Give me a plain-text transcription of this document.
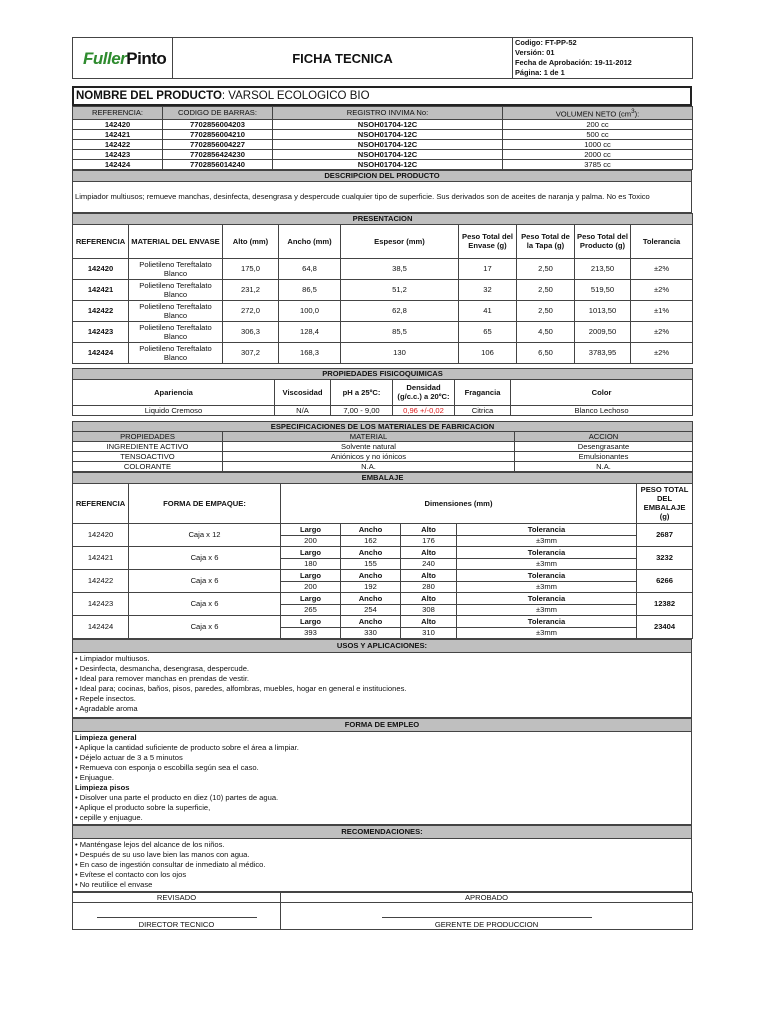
FullerPinto	FICHA TECNICA	
Codigo: FT-PP-52
Versión: 01
Fecha de Aprobación: 19-11-2012
Página: 1 de 1
NOMBRE DEL PRODUCTO: VARSOL ECOLOGICO BIO
REFERENCIA:	CODIGO DE BARRAS:	REGISTRO INVIMA No:	VOLUMEN NETO $(cm^3)$:
142420	7702856004203	NSOH01704-12C	200 cc
142421	7702856004210	NSOH01704-12C	500 cc
142422	7702856004227	NSOH01704-12C	1000 cc
142423	7702856424230	NSOH01704-12C	2000 cc
142424	7702856014240	NSOH01704-12C	3785 cc
DESCRIPCION DEL PRODUCTO
Limpiador multiusos; remueve manchas, desinfecta, desengrasa y despercude cualquier tipo de superficie. Sus derivados son de aceites de naranja y palma. No es Toxico
PRESENTACION								
REFERENCIA	MATERIAL DEL ENVASE	Alto (mm)	Ancho (mm)	Espesor (mm)	Peso Total del Envase (g)	Peso Total de la Tapa (g)	Peso Total del Producto (g)	Tolerancia
142420	Polietileno Tereftalato Blanco	175,0	64,8	38,5	17	2,50	213,50	±2%
142421	Polietileno Tereftalato Blanco	231,2	86,5	51,2	32	2,50	519,50	±2%
142422	Polietileno Tereftalato Blanco	272,0	100,0	62,8	41	2,50	1013,50	±1%
142423	Polietileno Tereftalato Blanco	306,3	128,4	85,5	65	4,50	2009,50	±2%
142424	Polietileno Tereftalato Blanco	307,2	168,3	130	106	6,50	3783,95	±2%
PROPIEDADES FISICOQUIMICAS					
Apariencia	Viscosidad	pH a 25ºC:	Densidad (g/c.c.) a 20ºC:	Fragancia	Color
Liquido Cremoso	N/A	7,00 - 9,00	0,96 +/-0,02	Citrica	Blanco Lechoso
ESPECIFICACIONES DE LOS MATERIALES DE FABRICACION		
PROPIEDADES	MATERIAL	ACCION
INGREDIENTE ACTIVO	Solvente natural	Desengrasante
TENSOACTIVO	Aniónicos y no iónicos	Emulsionantes
COLORANTE	N.A.	N.A.
EMBALAJE						
REFERENCIA	FORMA DE EMPAQUE:	Dimensiones (mm)				PESO TOTAL DEL EMBALAJE (g)
142420	Caja x 12	Largo	Ancho	Alto	Tolerancia	2687
		200	162	176	±3mm	
142421	Caja x 6	Largo	Ancho	Alto	Tolerancia	3232
		180	155	240	±3mm	
142422	Caja x 6	Largo	Ancho	Alto	Tolerancia	6266
		200	192	280	±3mm	
142423	Caja x 6	Largo	Ancho	Alto	Tolerancia	12382
		265	254	308	±3mm	
142424	Caja x 6	Largo	Ancho	Alto	Tolerancia	23404
		393	330	310	±3mm	
USOS Y APLICACIONES:

• Limpiador multiusos.
• Desinfecta, desmancha, desengrasa, despercude.
• Ideal para remover manchas en prendas de vestir.
• Ideal para; cocinas, baños, pisos, paredes, alfombras, muebles, hogar en general e instituciones.
• Repele insectos.
• Agradable aroma
FORMA DE EMPLEO

Limpieza general
• Aplique la cantidad suficiente de producto sobre el área a limpiar.
• Déjelo actuar de 3 a 5 minutos
• Remueva con esponja o escobilla según sea el caso.
• Enjuague.
Limpieza pisos
• Disolver una parte el producto en diez (10) partes de agua.
• Aplique el producto sobre la superficie,
• cepille y enjuague.
RECOMENDACIONES:

• Manténgase lejos del alcance de los niños.
• Después de su uso lave bien las manos con agua.
• En caso de ingestión consultar de inmediato al médico.
• Evítese el contacto con los ojos
• No reutilice el envase
REVISADO	APROBADO

DIRECTOR TECNICO	GERENTE DE PRODUCCION
